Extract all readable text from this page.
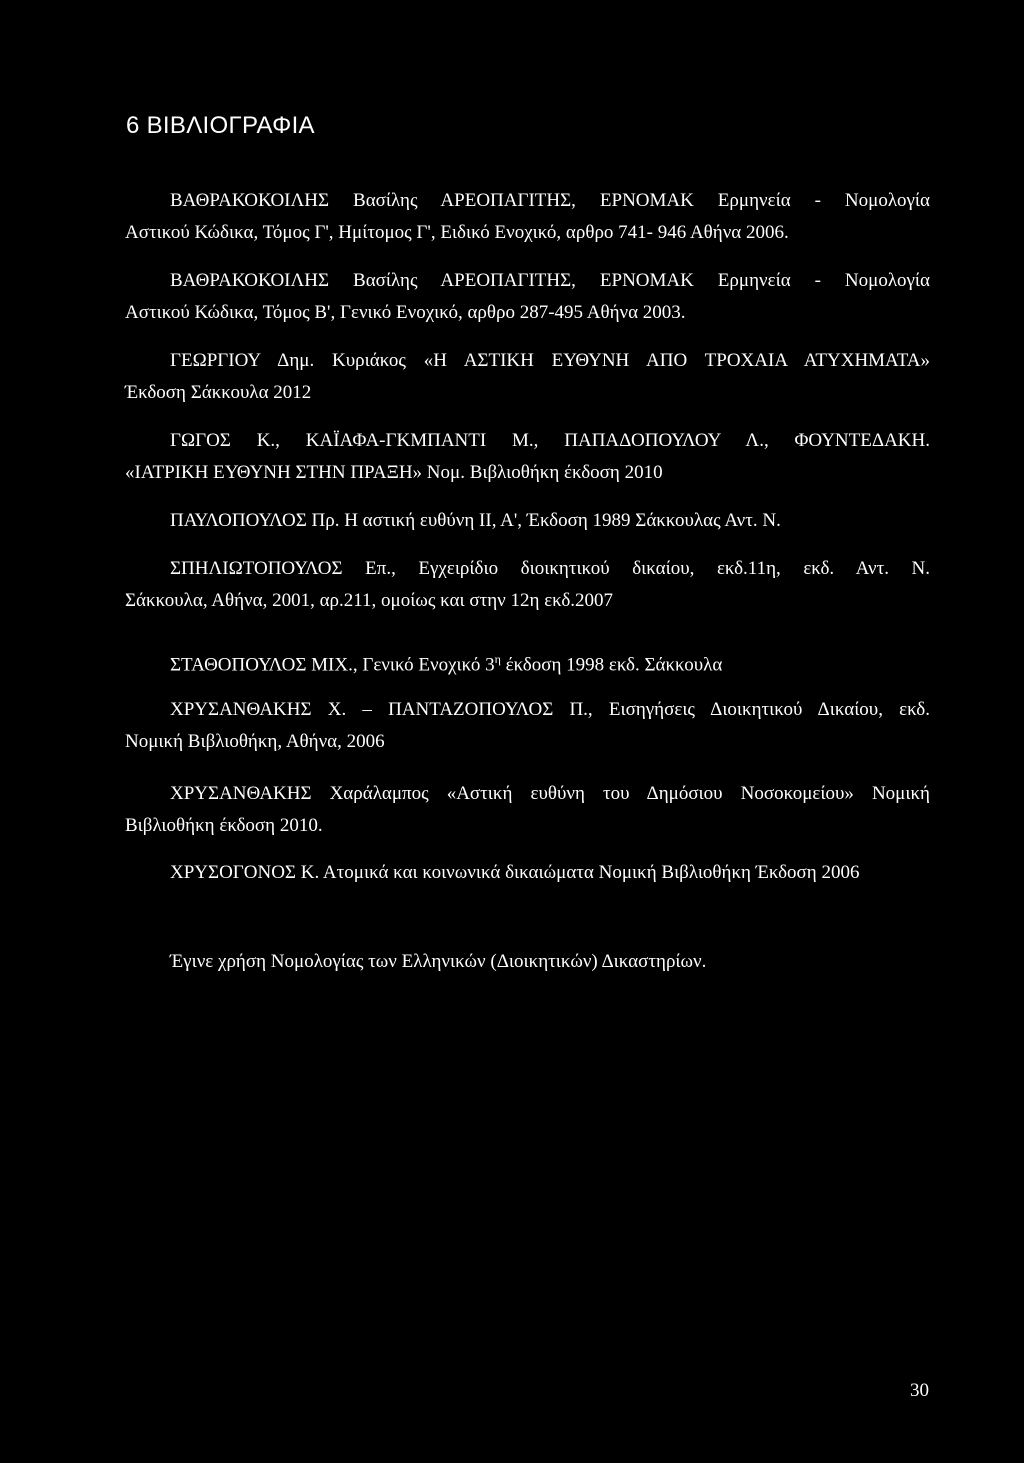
6 ΒΙΒΛΙΟΓΡΑΦΙΑ

ΒΑΘΡΑΚΟΚΟΙΛΗΣ Βασίλης ΑΡΕΟΠΑΓΙΤΗΣ, ΕΡΝΟΜΑΚ Ερμηνεία - Νομολογία
Αστικού Κώδικα, Τόμος Γ', Ημίτομος Γ', Ειδικό Ενοχικό, αρθρο 741- 946 Αθήνα 2006.

ΒΑΘΡΑΚΟΚΟΙΛΗΣ Βασίλης ΑΡΕΟΠΑΓΙΤΗΣ, ΕΡΝΟΜΑΚ Ερμηνεία - Νομολογία
Αστικού Κώδικα, Τόμος Β', Γενικό Ενοχικό, αρθρο 287-495 Αθήνα 2003.

ΓΕΩΡΓΙΟΥ Δημ. Κυριάκος «Η ΑΣΤΙΚΗ ΕΥΘΥΝΗ ΑΠΟ ΤΡΟΧΑΙΑ ΑΤΥΧΗΜΑΤΑ»
Έκδοση Σάκκουλα 2012

ΓΩΓΟΣ Κ., ΚΑΪΑΦΑ-ΓΚΜΠΑΝΤΙ Μ., ΠΑΠΑΔΟΠΟΥΛΟΥ Λ., ΦΟΥΝΤΕΔΑΚΗ.
«ΙΑΤΡΙΚΗ ΕΥΘΥΝΗ ΣΤΗΝ ΠΡΑΞΗ» Νομ. Βιβλιοθήκη έκδοση 2010

ΠΑΥΛΟΠΟΥΛΟΣ Πρ. Η αστική ευθύνη ΙΙ, Α', Έκδοση 1989 Σάκκουλας Αντ. Ν.

ΣΠΗΛΙΩΤΟΠΟΥΛΟΣ Επ., Εγχειρίδιο διοικητικού δικαίου, εκδ.11η, εκδ. Αντ. Ν.
Σάκκουλα, Αθήνα, 2001, αρ.211, ομοίως και στην 12η εκδ.2007

ΣΤΑΘΟΠΟΥΛΟΣ ΜΙΧ., Γενικό Ενοχικό $3^\eta$ έκδοση 1998 εκδ. Σάκκουλα

ΧΡΥΣΑΝΘΑΚΗΣ Χ. – ΠΑΝΤΑΖΟΠΟΥΛΟΣ Π., Εισηγήσεις Διοικητικού Δικαίου, εκδ.
Νομική Βιβλιοθήκη, Αθήνα, 2006

ΧΡΥΣΑΝΘΑΚΗΣ Χαράλαμπος «Αστική ευθύνη του Δημόσιου Νοσοκομείου» Νομική
Βιβλιοθήκη έκδοση 2010.

ΧΡΥΣΟΓΟΝΟΣ Κ. Ατομικά και κοινωνικά δικαιώματα Νομική Βιβλιοθήκη Έκδοση 2006

Έγινε χρήση Νομολογίας των Ελληνικών (Διοικητικών) Δικαστηρίων.
30
